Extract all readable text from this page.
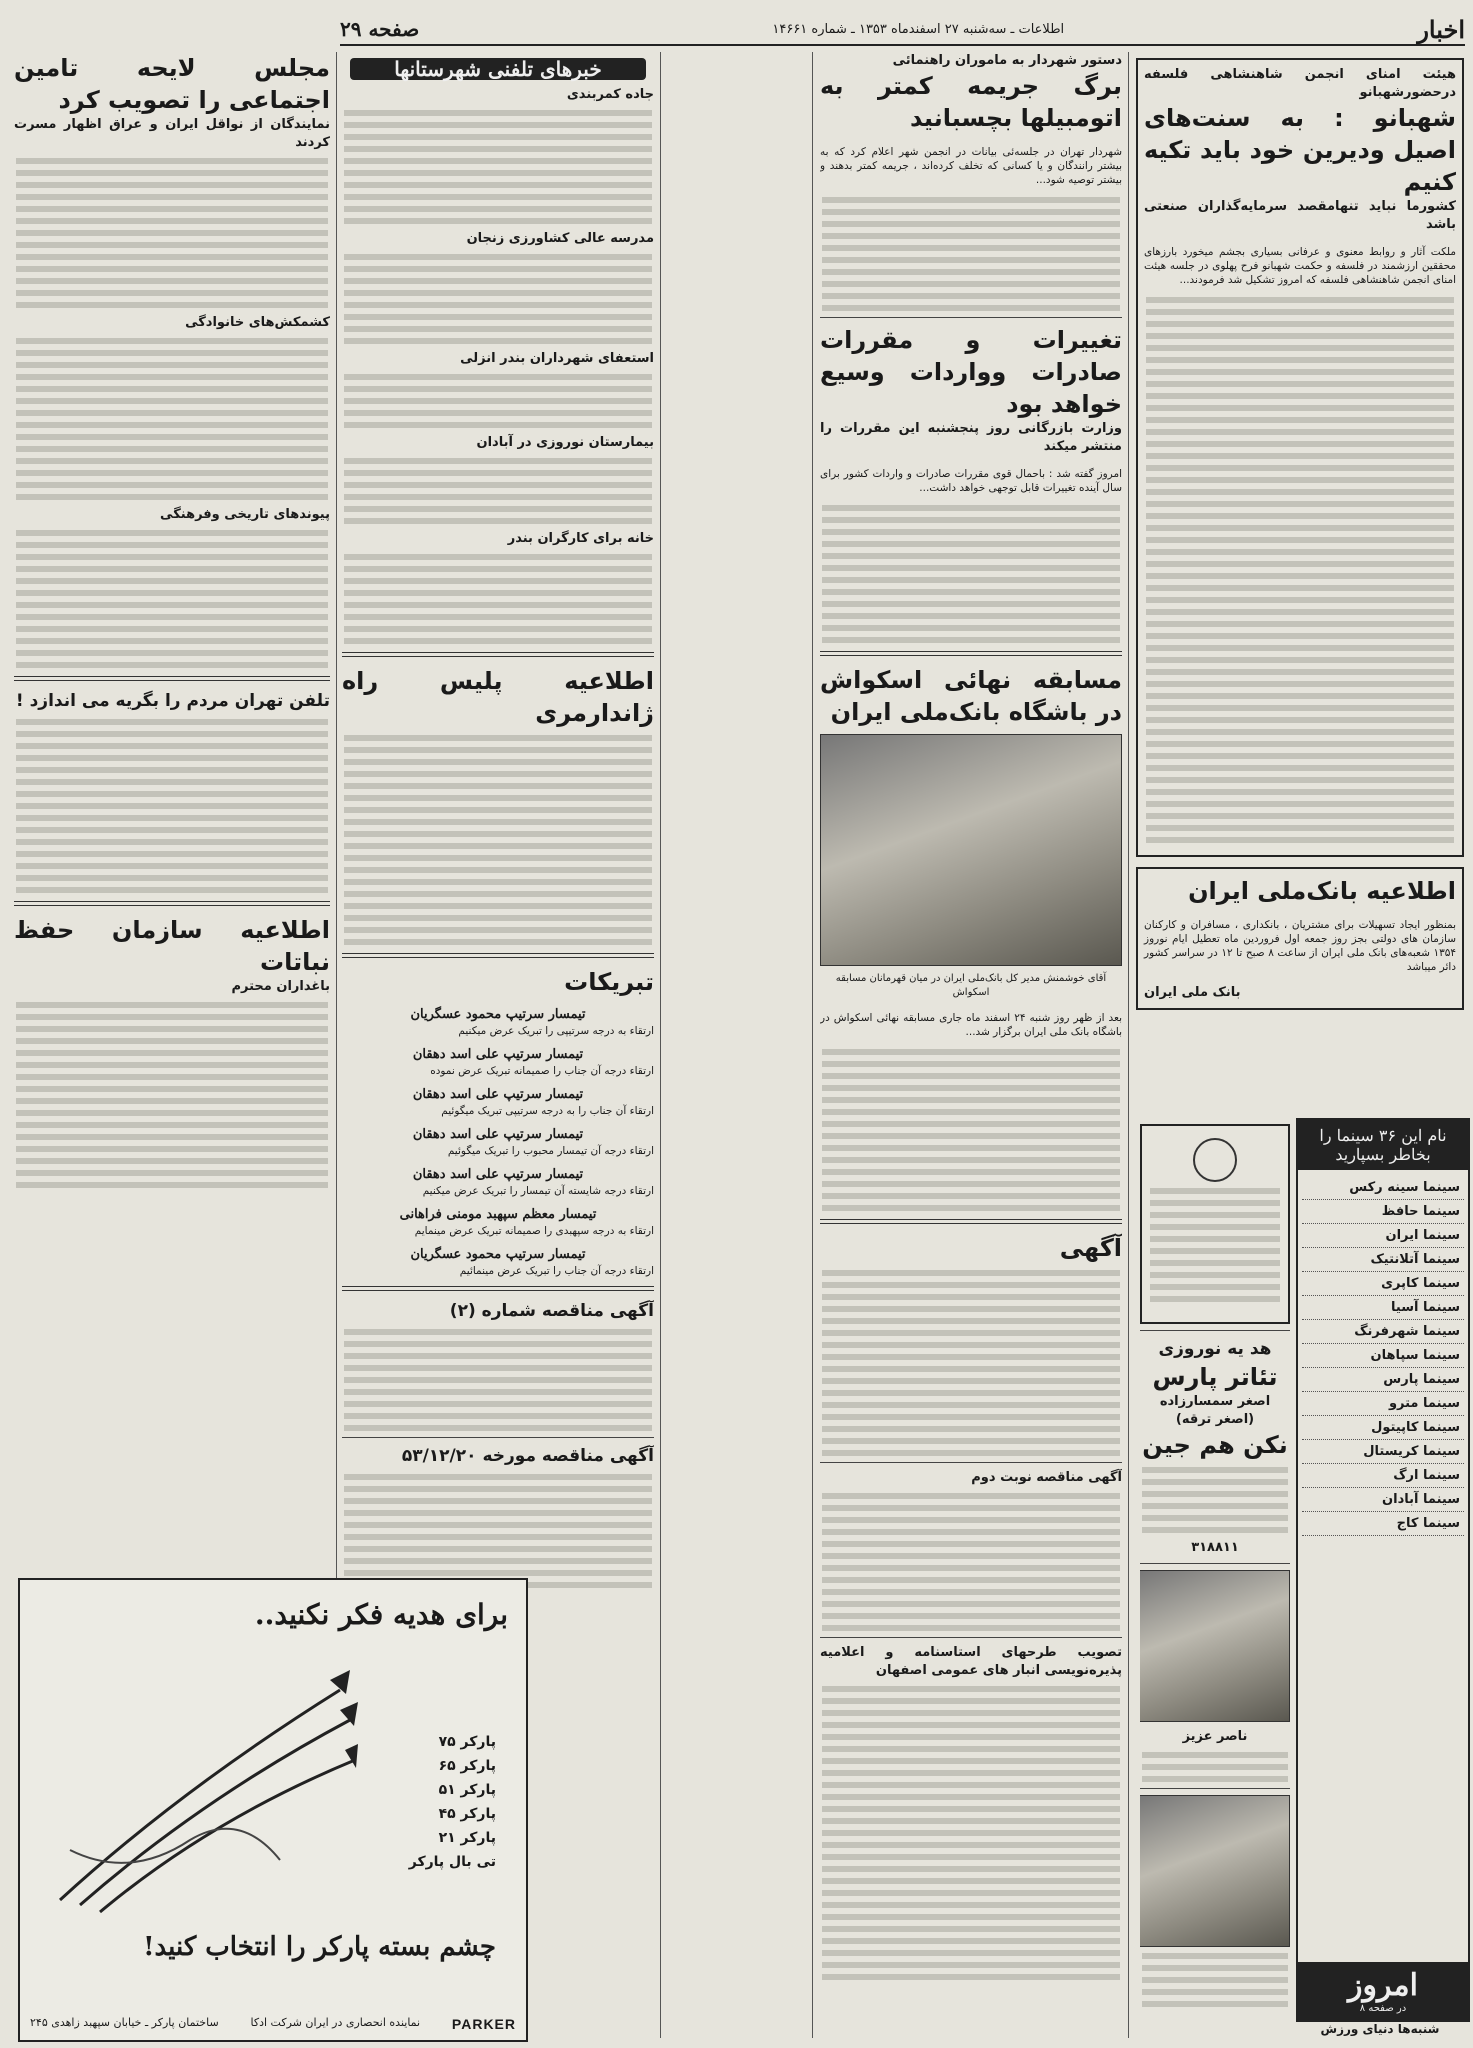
اخبار
اطلاعات ـ سه‌شنبه ۲۷ اسفندماه ۱۳۵۳ ـ شماره ۱۴۶۶۱
صفحه ۲۹
هیئت امنای انجمن شاهنشاهی فلسفه درحضورشهبانو
شهبانو : به سنت‌های اصیل ودیرین خود باید تکیه کنیم
کشورما نباید تنهامقصد سرمایه‌گذاران صنعتی باشد

ملکت آثار و روابط معنوی و عرفانی بسیاری بجشم میخورد بارزهای محققین ارزشمند در فلسفه و حکمت شهبانو فرح پهلوی در جلسه هیئت امنای انجمن شاهنشاهی فلسفه که امروز تشکیل شد فرمودند...

اطلاعیه بانک‌ملی ایران

بمنظور ایجاد تسهیلات برای مشتریان ، بانکداری ، مسافران و کارکنان سازمان های دولتی بجز روز جمعه اول فروردین ماه تعطیل ایام نوروز ۱۳۵۴ شعبه‌های بانک ملی ایران از ساعت ۸ صبح تا ۱۲ در سراسر کشور دائر میباشد

بانک ملی ایران
هد یه نوروزی
تئاتر پارس
اصغر سمسارزاده (اصغر ترقه)
نکن هم جین
۳۱۸۸۱۱
ناصر عزیز
نام این ۳۶ سینما را بخاطر بسپارید
سینما سینه رکس
سینما حافظ
سینما ایران
سینما آتلانتیک
سینما کاپری
سینما آسیا
سینما شهرفرنگ
سینما سپاهان
سینما پارس
سینما مترو
سینما کاپیتول
سینما کریستال
سینما ارگ
سینما آبادان
سینما کاج
امروز
در صفحه ۸
دستور شهردار به ماموران راهنمائی
برگ جریمه کمتر به اتومبیلها بچسبانید

شهردار تهران در جلسه‌ئی بیانات در انجمن شهر اعلام کرد که به بیشتر رانندگان و یا کسانی که تخلف کرده‌اند ، جریمه کمتر بدهند و بیشتر توصیه شود...

تغییرات و مقررات صادرات وواردات وسیع خواهد بود
وزارت بازرگانی روز پنجشنبه این مقررات را منتشر میکند

امروز گفته شد : باحمال قوی مقررات صادرات و واردات کشور برای سال آینده تغییرات قابل توجهی خواهد داشت...

مسابقه نهائی اسکواش در باشگاه بانک‌ملی ایران
آقای خوشمنش مدیر کل بانک‌ملی ایران در میان قهرمانان مسابقه اسکواش

بعد از ظهر روز شنبه ۲۴ اسفند ماه جاری مسابقه نهائی اسکواش در باشگاه بانک ملی ایران برگزار شد...

آگهی
آگهی مناقصه نوبت دوم
تصویب طرحهای استاسنامه و اعلامیه پذیره‌نویسی انبار های عمومی اصفهان
خبرهای تلفنی شهرستانها
جاده کمربندی
مدرسه عالی کشاورزی زنجان
استعفای شهرداران بندر انزلی
بیمارستان نوروزی در آبادان
خانه برای کارگران بندر
اطلاعیه پلیس راه ژاندارمری
تبریکات
تیمسار سرتیپ محمود عسگریان

ارتقاء به درجه سرتیپی را تبریک عرض میکنیم

تیمسار سرتیپ علی اسد دهقان

ارتقاء درجه آن جناب را صمیمانه تبریک عرض نموده

تیمسار سرتیپ علی اسد دهقان

ارتقاء آن جناب را به درجه سرتیپی تبریک میگوئیم

تیمسار سرتیپ علی اسد دهقان

ارتقاء درجه آن تیمسار محبوب را تبریک میگوئیم

تیمسار سرتیپ علی اسد دهقان

ارتقاء درجه شایسته آن تیمسار را تبریک عرض میکنیم

تیمسار معظم سپهبد مومنی فراهانی

ارتقاء به درجه سپهبدی را صمیمانه تبریک عرض مینمایم

تیمسار سرتیپ محمود عسگریان

ارتقاء درجه آن جناب را تبریک عرض مینمائیم

آگهی مناقصه شماره (۲)
آگهی مناقصه مورخه ۵۳/۱۲/۲۰
مجلس لایحه تامین اجتماعی را تصویب کرد
نمایندگان از نواقل ایران و عراق اظهار مسرت کردند
کشمکش‌های خانوادگی
پیوندهای تاریخی وفرهنگی
تلفن تهران مردم را بگریه می اندازد !
اطلاعیه سازمان حفظ نباتات
باغداران محترم
برای هدیه فکر نکنید..
پارکر ۷۵
پارکر ۶۵
پارکر ۵۱
پارکر ۴۵
پارکر ۲۱
تی بال پارکر
چشم بسته پارکر را انتخاب کنید!
PARKER
نماینده انحصاری در ایران شرکت ادکا
ساختمان پارکر ـ خیابان سپهبد زاهدی ۲۴۵	شنبه‌ها دنیای ورزش
